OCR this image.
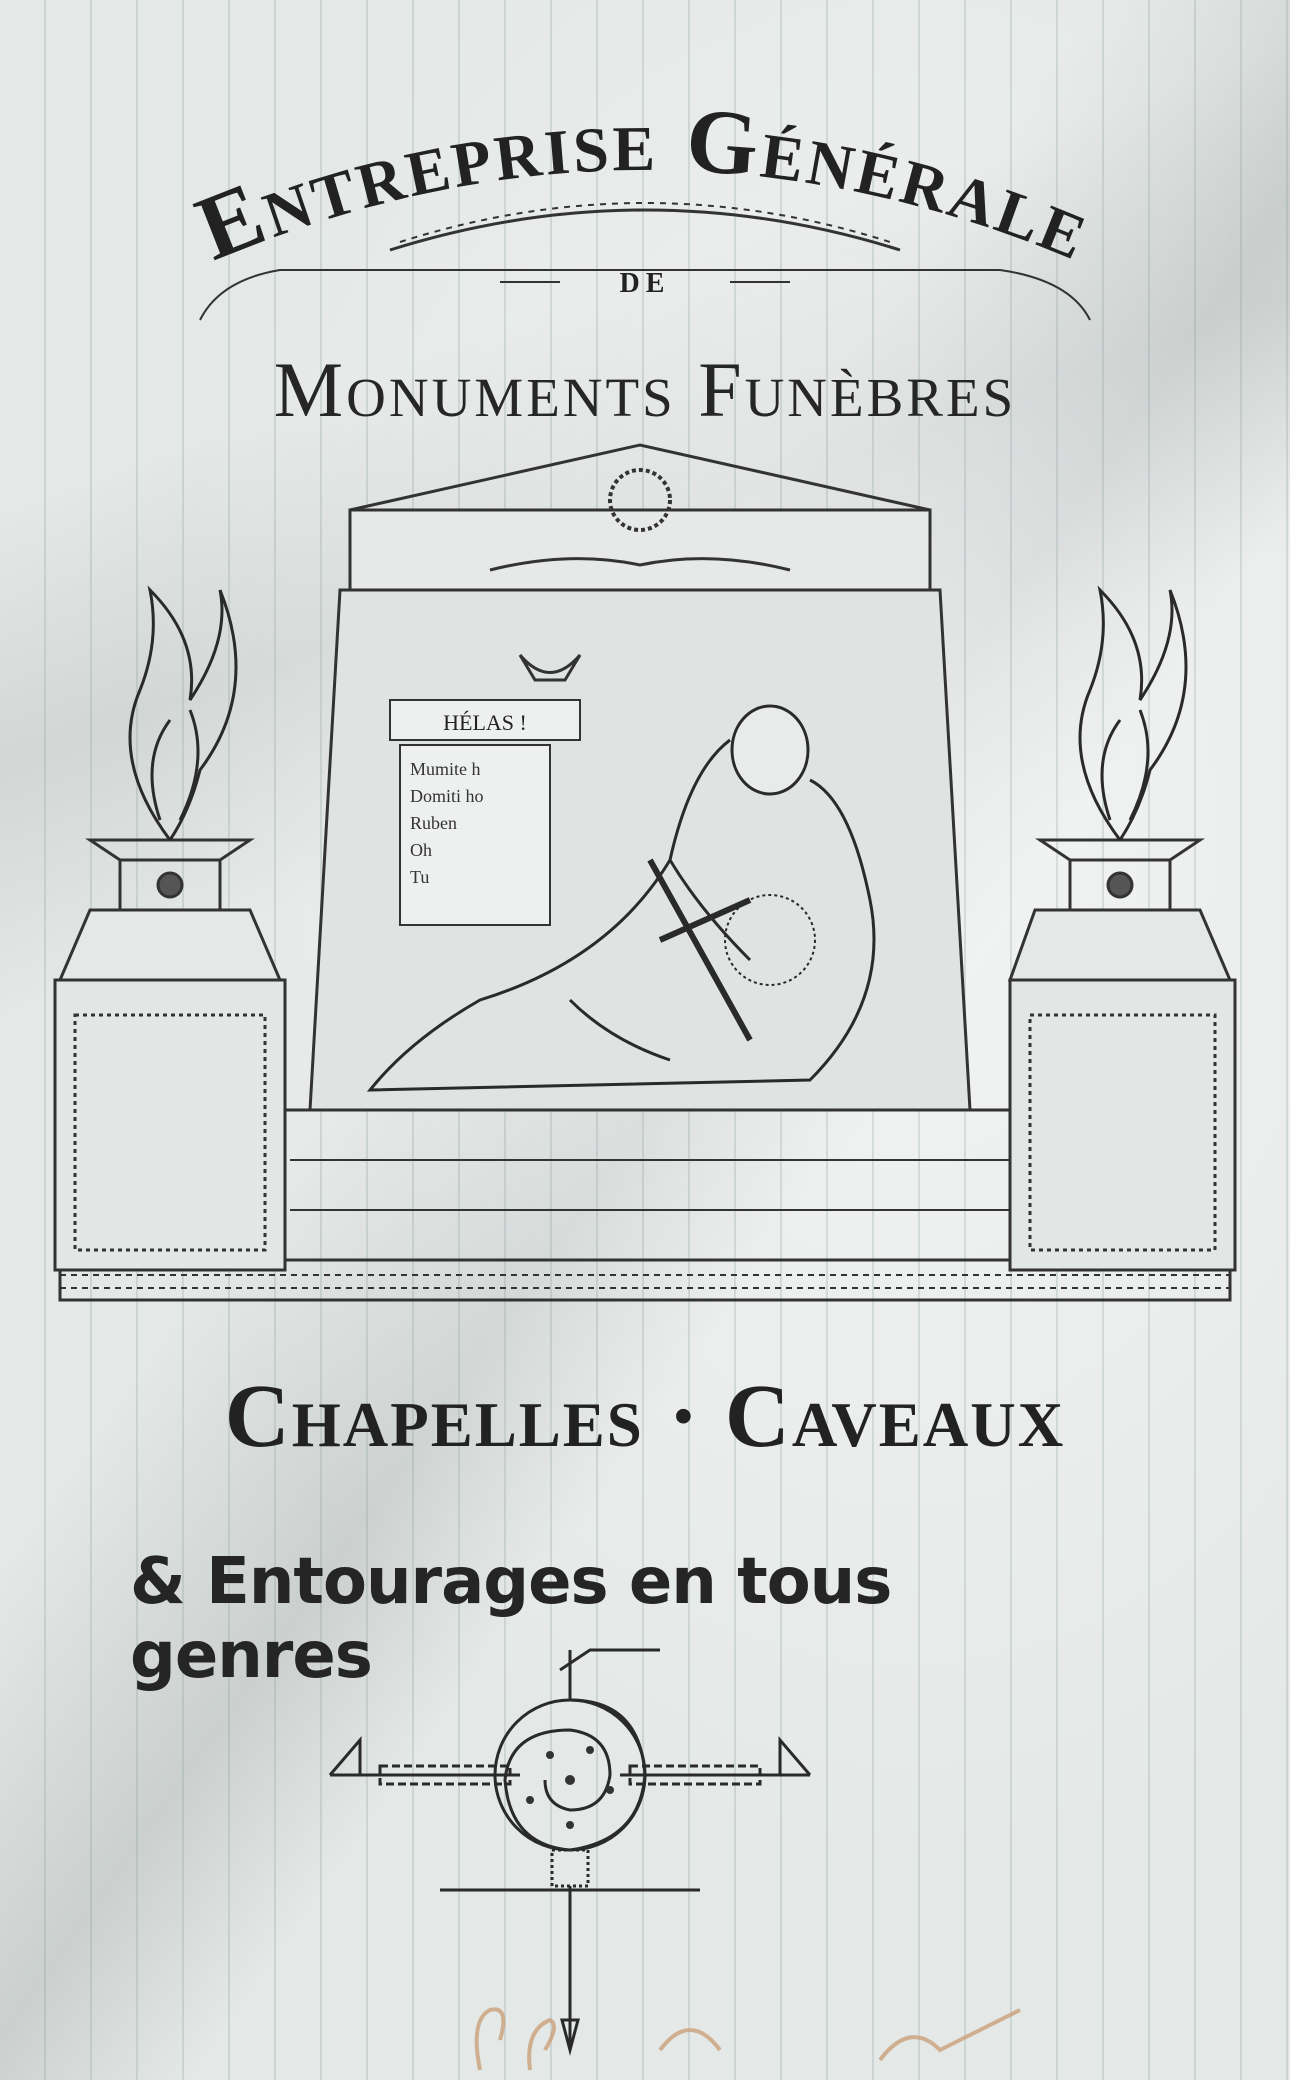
Entreprise Générale
de

Monuments Funèbres

HÉLAS !
Mumite h
Domiti ho
Ruben
Oh
Tu

Chapelles · Caveaux

& Entourages en tous genres
